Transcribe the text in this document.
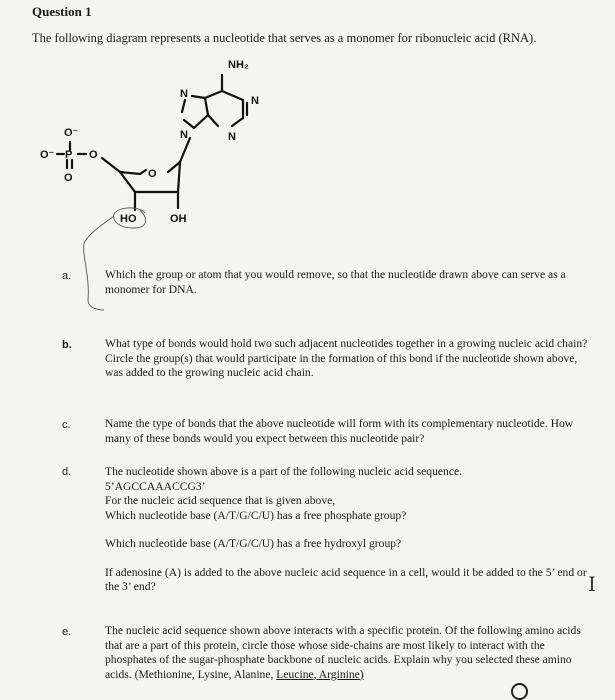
Question 1
The following diagram represents a nucleotide that serves as a monomer for ribonucleic acid (RNA).
NH₂
N
N
N	N
O⁻
O⁻ P O
O	O
HO	OH
a.	Which the group or atom that you would remove, so that the nucleotide drawn above can serve as a monomer for DNA.

b.	What type of bonds would hold two such adjacent nucleotides together in a growing nucleic acid chain? Circle the group(s) that would participate in the formation of this bond if the nucleotide shown above, was added to the growing nucleic acid chain.

c.	Name the type of bonds that the above nucleotide will form with its complementary nucleotide. How many of these bonds would you expect between this nucleotide pair?

d.	The nucleotide shown above is a part of the following nucleic acid sequence.

5’AGCCAAACCG3’

For the nucleic acid sequence that is given above,

Which nucleotide base (A/T/G/C/U) has a free phosphate group?

Which nucleotide base (A/T/G/C/U) has a free hydroxyl group?

If adenosine (A) is added to the above nucleic acid sequence in a cell, would it be added to the 5’ end or the 3’ end?	I
e.	The nucleic acid sequence shown above interacts with a specific protein. Of the following amino acids that are a part of this protein, circle those whose side-chains are most likely to interact with the phosphates of the sugar-phosphate backbone of nucleic acids. Explain why you selected these amino acids. (Methionine, Lysine, Alanine, Leucine, Arginine)
